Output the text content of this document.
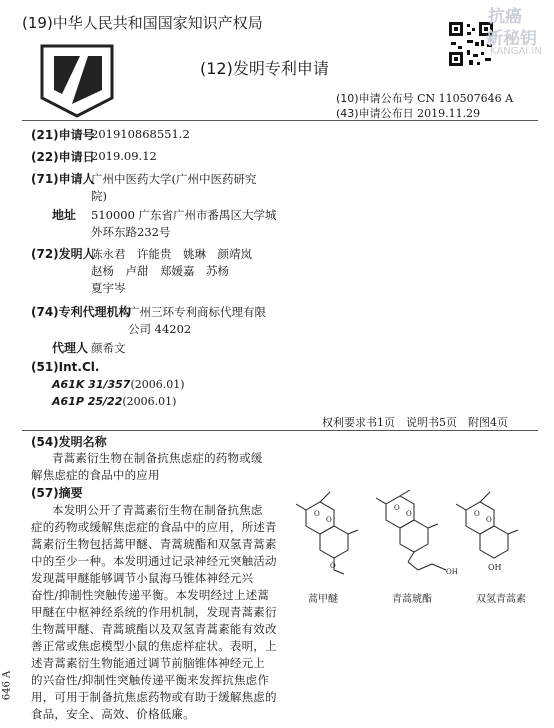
(19)中华人民共和国国家知识产权局
(12)发明专利申请
抗癌
新秘钥
KANGAI.IN
(10)申请公布号 CN 110507646 A
(43)申请公布日 2019.11.29
(21)申请号
201910868551.2
(22)申请日
2019.09.12
(71)申请人
广州中医药大学(广州中医药研究
院)
地址 510000 广东省广州市番禺区大学城
外环东路232号
(72)发明人
陈永君　许能贵　姚琳　颜靖岚
赵杨　卢甜　郑媛嘉　苏杨
夏宇岑
(74)专利代理机构
广州三环专利商标代理有限
公司 44202
代理人 颜希文
(51)Int.Cl.
A61K 31/357(2006.01)
A61P 25/22(2006.01)
权利要求书1页　说明书5页　附图4页
(54)发明名称
青蒿素衍生物在制备抗焦虑症的药物或缓
解焦虑症的食品中的应用
(57)摘要
本发明公开了青蒿素衍生物在制备抗焦虑
症的药物或缓解焦虑症的食品中的应用，所述青
蒿素衍生物包括蒿甲醚、青蒿琥酯和双氢青蒿素
中的至少一种。本发明通过记录神经元突触活动
发现蒿甲醚能够调节小鼠海马锥体神经元兴
奋性/抑制性突触传递平衡。本发明经过上述蒿
甲醚在中枢神经系统的作用机制，发现青蒿素衍
生物蒿甲醚、青蒿琥酯以及双氢青蒿素能有效改
善正常或焦虑模型小鼠的焦虑样症状。表明，上
述青蒿素衍生物能通过调节前脑锥体神经元上
的兴奋性/抑制性突触传递平衡来发挥抗焦虑作
用，可用于制备抗焦虑药物或有助于缓解焦虑的
食品，安全、高效、价格低廉。
O
O
O
O
O
OH
O
O
OH
蒿甲醚	青蒿琥酯	双氢青蒿素
646 A
